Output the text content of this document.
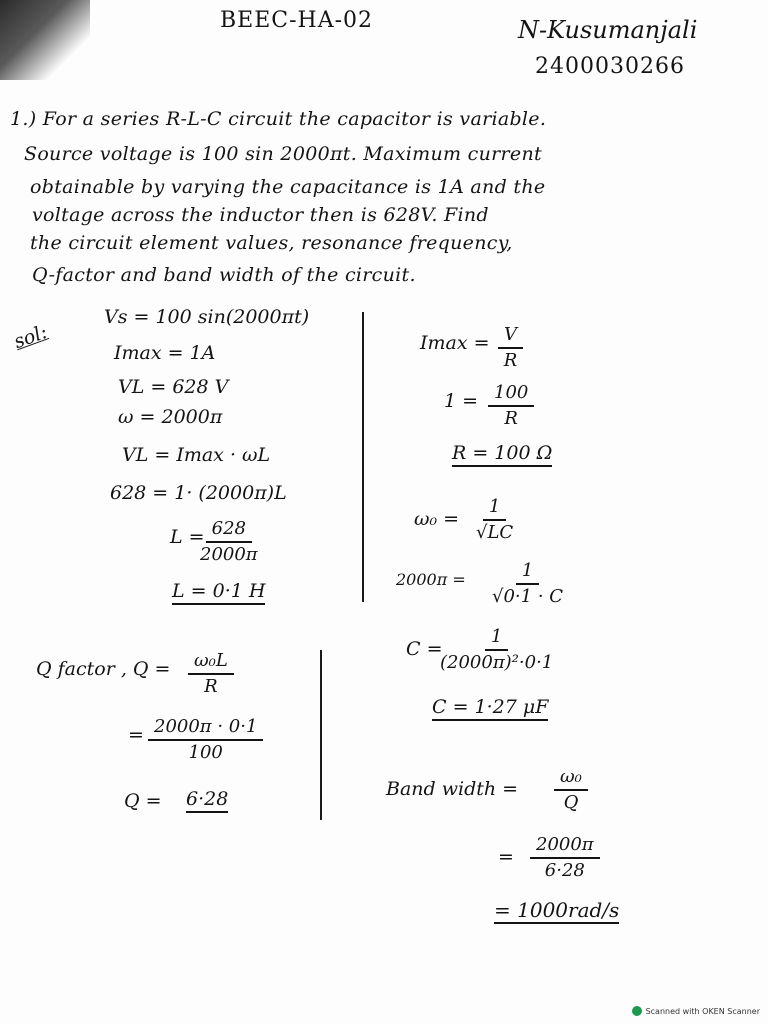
BEEC-HA-02	N-Kusumanjali
2400030266
1.) For a series R-L-C circuit the capacitor is variable.
Source voltage is 100 sin 2000πt. Maximum current
obtainable by varying the capacitance is 1A and the
voltage across the inductor then is 628V. Find
the circuit element values, resonance frequency,
Q-factor and band width of the circuit.
sol:
Vs = 100 sin(2000πt)
Imax = 1A
VL = 628 V
ω = 2000π
VL = Imax · ωL
628 = 1· (2000π)L
L =
$\frac{628}{2000\pi}$
L = 0·1 H
$Imax = \frac{V}{R}$
$1 = \frac{100}{R}$
R = 100 Ω
$\omega_0 = \frac{1}{√LC}$
$2000\pi = \frac{1}{√0\cdot 1 \cdot C}$
C =
$\frac{1}{\text{(2000π)²·0·1}}$
C = 1·27 μF
Q factor , $Q = \frac{\text{ω₀L}}{R}$
= $\frac{2000\pi \cdot 0\cdot 1}{100}$
Q = 6·28	Band width = $\frac{\text{ω₀}}{Q}$
= $\frac{2000\pi}{6\cdot 28}$
= 1000rad/s
Scanned with OKEN Scanner
